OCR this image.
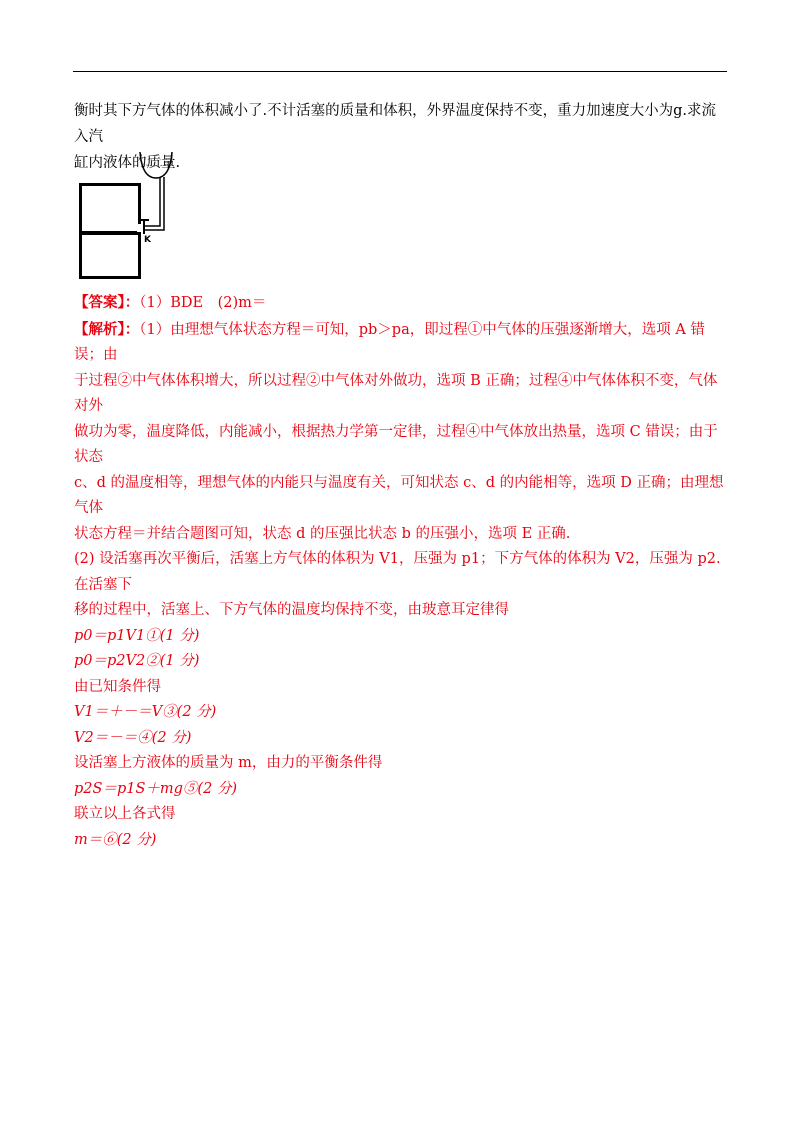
衡时其下方气体的体积减小了.不计活塞的质量和体积，外界温度保持不变，重力加速度大小为g.求流入汽
缸内液体的质量.
K

【答案】：（1）BDE　(2)m＝

【解析】：（1）由理想气体状态方程＝可知，pb＞pa，即过程①中气体的压强逐渐增大，选项 A 错误；由

于过程②中气体体积增大，所以过程②中气体对外做功，选项 B 正确；过程④中气体体积不变，气体对外

做功为零，温度降低，内能减小，根据热力学第一定律，过程④中气体放出热量，选项 C 错误；由于状态

c、d 的温度相等，理想气体的内能只与温度有关，可知状态 c、d 的内能相等，选项 D 正确；由理想气体

状态方程＝并结合题图可知，状态 d 的压强比状态 b 的压强小，选项 E 正确.

(2) 设活塞再次平衡后，活塞上方气体的体积为 V1，压强为 p1；下方气体的体积为 V2，压强为 p2.在活塞下

移的过程中，活塞上、下方气体的温度均保持不变，由玻意耳定律得

p0＝p1V1①(1 分)

p0＝p2V2②(1 分)

由已知条件得

V1＝＋－＝V③(2 分)

V2＝－＝④(2 分)

设活塞上方液体的质量为 m，由力的平衡条件得

p2S＝p1S＋mg⑤(2 分)

联立以上各式得

m＝⑥(2 分)
